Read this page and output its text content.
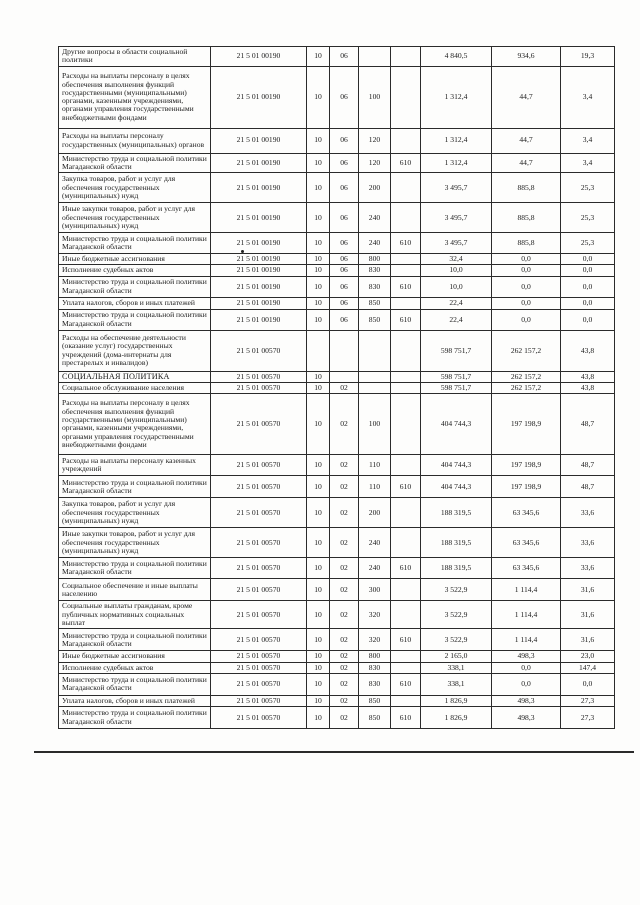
Другие вопросы в области социальной политики	21 5 01 00190	10	06			4 840,5	934,6	19,3
Расходы на выплаты персоналу в целях обеспечения выполнения функций государственными (муниципальными) органами, казенными учреждениями, органами управления государственными внебюджетными фондами	21 5 01 00190	10	06	100		1 312,4	44,7	3,4
Расходы на выплаты персоналу государственных (муниципальных) органов	21 5 01 00190	10	06	120		1 312,4	44,7	3,4
Министерство труда и социальной политики Магаданской области	21 5 01 00190	10	06	120	610	1 312,4	44,7	3,4
Закупка товаров, работ и услуг для обеспечения государственных (муниципальных) нужд	21 5 01 00190	10	06	200		3 495,7	885,8	25,3
Иные закупки товаров, работ и услуг для обеспечения государственных (муниципальных) нужд	21 5 01 00190	10	06	240		3 495,7	885,8	25,3
Министерство труда и социальной политики Магаданской области	21 5 01 00190	10	06	240	610	3 495,7	885,8	25,3
Иные бюджетные ассигнования	21 5 01 00190	10	06	800		32,4	0,0	0,0
Исполнение судебных актов	21 5 01 00190	10	06	830		10,0	0,0	0,0
Министерство труда и социальной политики Магаданской области	21 5 01 00190	10	06	830	610	10,0	0,0	0,0
Уплата налогов, сборов и иных платежей	21 5 01 00190	10	06	850		22,4	0,0	0,0
Министерство труда и социальной политики Магаданской области	21 5 01 00190	10	06	850	610	22,4	0,0	0,0
Расходы на обеспечение деятельности (оказание услуг) государственных учреждений (дома-интернаты для престарелых и инвалидов)	21 5 01 00570					598 751,7	262 157,2	43,8
СОЦИАЛЬНАЯ ПОЛИТИКА	21 5 01 00570	10				598 751,7	262 157,2	43,8
Социальное обслуживание населения	21 5 01 00570	10	02			598 751,7	262 157,2	43,8
Расходы на выплаты персоналу в целях обеспечения выполнения функций государственными (муниципальными) органами, казенными учреждениями, органами управления государственными внебюджетными фондами	21 5 01 00570	10	02	100		404 744,3	197 198,9	48,7
Расходы на выплаты персоналу казенных учреждений	21 5 01 00570	10	02	110		404 744,3	197 198,9	48,7
Министерство труда и социальной политики Магаданской области	21 5 01 00570	10	02	110	610	404 744,3	197 198,9	48,7
Закупка товаров, работ и услуг для обеспечения государственных (муниципальных) нужд	21 5 01 00570	10	02	200		188 319,5	63 345,6	33,6
Иные закупки товаров, работ и услуг для обеспечения государственных (муниципальных) нужд	21 5 01 00570	10	02	240		188 319,5	63 345,6	33,6
Министерство труда и социальной политики Магаданской области	21 5 01 00570	10	02	240	610	188 319,5	63 345,6	33,6
Социальное обеспечение и иные выплаты населению	21 5 01 00570	10	02	300		3 522,9	1 114,4	31,6
Социальные выплаты гражданам, кроме публичных нормативных социальных выплат	21 5 01 00570	10	02	320		3 522,9	1 114,4	31,6
Министерство труда и социальной политики Магаданской области	21 5 01 00570	10	02	320	610	3 522,9	1 114,4	31,6
Иные бюджетные ассигнования	21 5 01 00570	10	02	800		2 165,0	498,3	23,0
Исполнение судебных актов	21 5 01 00570	10	02	830		338,1	0,0	147,4
Министерство труда и социальной политики Магаданской области	21 5 01 00570	10	02	830	610	338,1	0,0	0,0
Уплата налогов, сборов и иных платежей	21 5 01 00570	10	02	850		1 826,9	498,3	27,3
Министерство труда и социальной политики Магаданской области	21 5 01 00570	10	02	850	610	1 826,9	498,3	27,3
